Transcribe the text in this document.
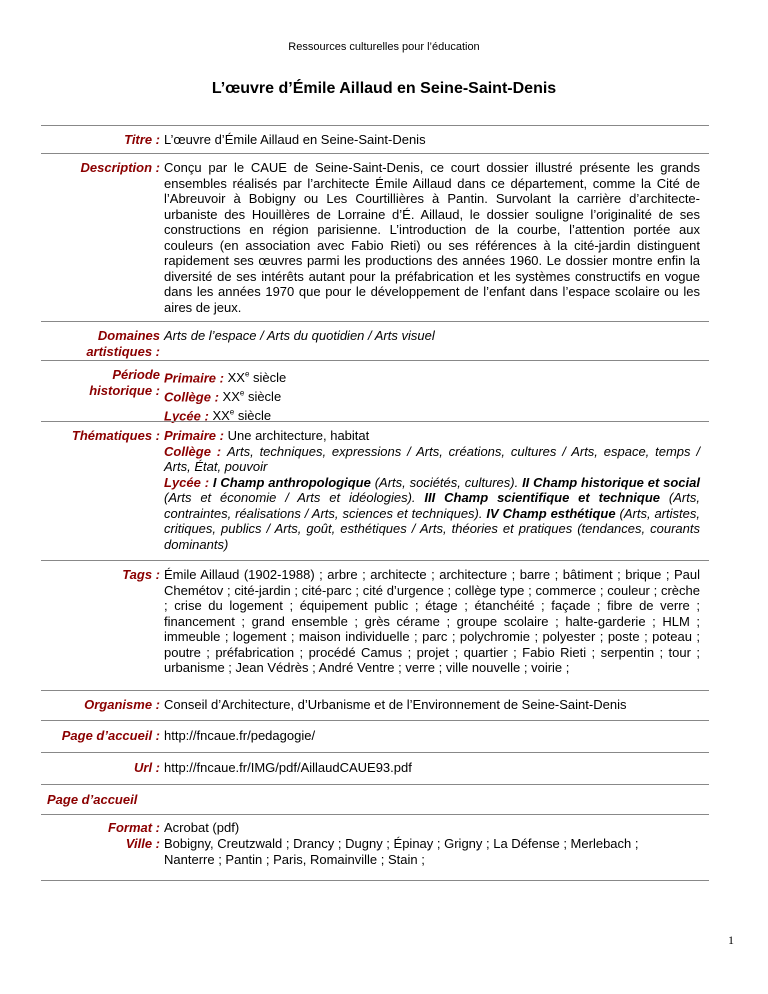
Ressources culturelles pour l’éducation
L’œuvre d’Émile Aillaud en Seine-Saint-Denis
Titre : L’œuvre d’Émile Aillaud en Seine-Saint-Denis
Description : Conçu par le CAUE de Seine-Saint-Denis, ce court dossier illustré présente les grands ensembles réalisés par l’architecte Émile Aillaud dans ce département, comme la Cité de l’Abreuvoir à Bobigny ou Les Courtillières à Pantin. Survolant la carrière d’architecte-urbaniste des Houillères de Lorraine d’É. Aillaud, le dossier souligne l’originalité de ses constructions en région parisienne. L’introduction de la courbe, l’attention portée aux couleurs (en association avec Fabio Rieti) ou ses références à la cité-jardin distinguent rapidement ses œuvres parmi les productions des années 1960. Le dossier montre enfin la diversité de ses intérêts autant pour la préfabrication et les systèmes constructifs en vogue dans les années 1970 que pour le développement de l’enfant dans l’espace scolaire ou les aires de jeux.
Domaines
artistiques :
Arts de l’espace / Arts du quotidien / Arts visuel
Période
historique :

Primaire : XXe siècle

Collège : XXe siècle

Lycée : XXe siècle

Thématiques : Primaire : Une architecture, habitat

Collège : Arts, techniques, expressions / Arts, créations, cultures / Arts, espace, temps / Arts, État, pouvoir

Lycée : I Champ anthropologique (Arts, sociétés, cultures). II Champ historique et social (Arts et économie / Arts et idéologies). III Champ scientifique et technique (Arts, contraintes, réalisations / Arts, sciences et techniques). IV Champ esthétique (Arts, artistes, critiques, publics / Arts, goût, esthétiques / Arts, théories et pratiques (tendances, courants dominants)

Tags : Émile Aillaud (1902-1988) ; arbre ; architecte ; architecture ; barre ; bâtiment ; brique ; Paul Chemétov ; cité-jardin ; cité-parc ; cité d’urgence ; collège type ; commerce ; couleur ; crèche ; crise du logement ; équipement public ; étage ; étanchéité ; façade ; fibre de verre ; financement ; grand ensemble ; grès cérame ; groupe scolaire ; halte-garderie ; HLM ; immeuble ; logement ; maison individuelle ; parc ; polychromie ; polyester ; poste ; poteau ; poutre ; préfabrication ; procédé Camus ; projet ; quartier ; Fabio Rieti ; serpentin ; tour ; urbanisme ; Jean Védrès ; André Ventre ; verre ; ville nouvelle ; voirie ;
Organisme : Conseil d’Architecture, d’Urbanisme et de l’Environnement de Seine-Saint-Denis
Page d’accueil : http://fncaue.fr/pedagogie/
Url : http://fncaue.fr/IMG/pdf/AillaudCAUE93.pdf
Page d’accueil
Format : Acrobat (pdf)
Ville : Bobigny, Creutzwald ; Drancy ; Dugny ; Épinay ; Grigny ; La Défense ; Merlebach ;

Nanterre ; Pantin ; Paris, Romainville ; Stain ;

1
